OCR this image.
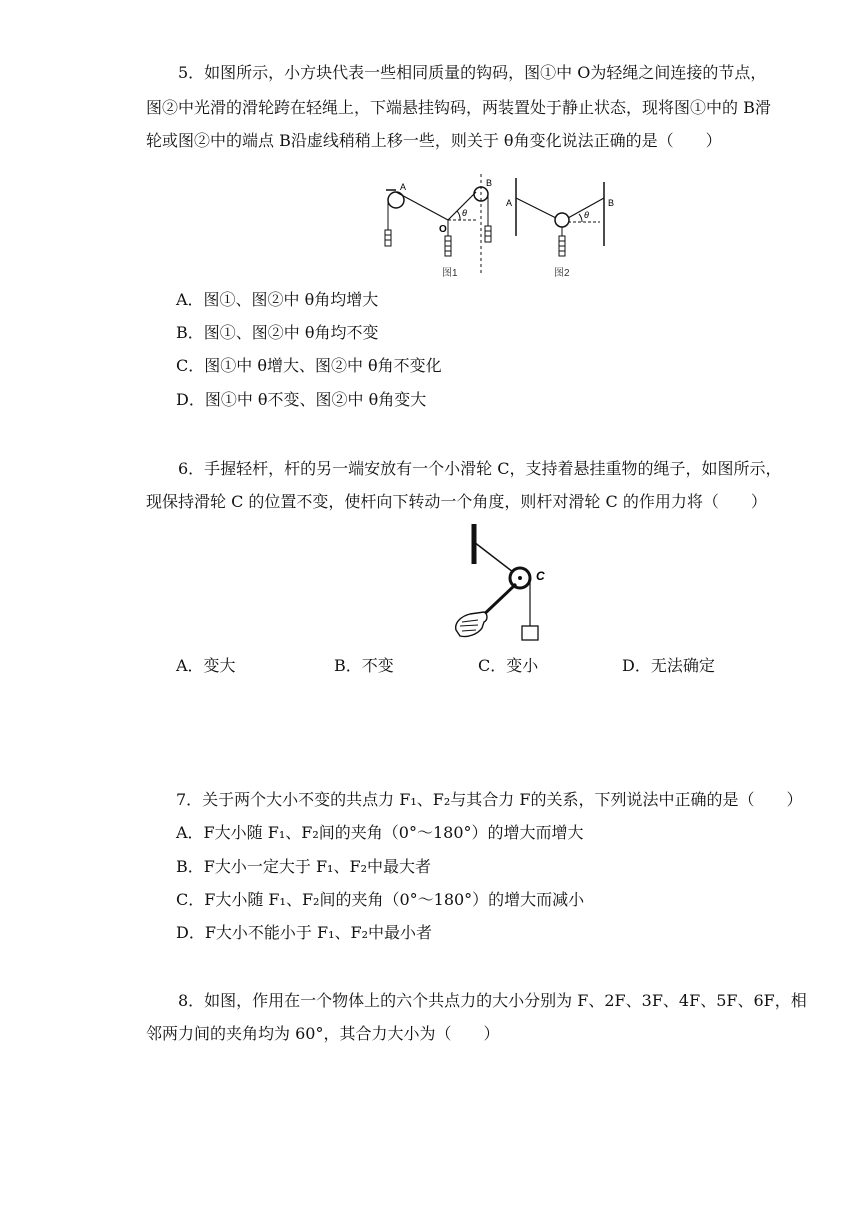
5．如图所示，小方块代表一些相同质量的钩码，图①中 O为轻绳之间连接的节点，
图②中光滑的滑轮跨在轻绳上，下端悬挂钩码，两装置处于静止状态，现将图①中的 B滑
轮或图②中的端点 B沿虚线稍稍上移一些，则关于 θ角变化说法正确的是（　　）
A
O
θ
B
图1
A	B
θ
图2
A．图①、图②中 θ角均增大
B．图①、图②中 θ角均不变
C．图①中 θ增大、图②中 θ角不变化
D．图①中 θ不变、图②中 θ角变大
6．手握轻杆，杆的另一端安放有一个小滑轮 C，支持着悬挂重物的绳子，如图所示，
现保持滑轮 C 的位置不变，使杆向下转动一个角度，则杆对滑轮 C 的作用力将（　　）
C
A．变大	B．不变	C．变小	D．无法确定
7．关于两个大小不变的共点力 F₁、F₂与其合力 F的关系，下列说法中正确的是（　　）
A．F大小随 F₁、F₂间的夹角（0°～180°）的增大而增大
B．F大小一定大于 F₁、F₂中最大者
C．F大小随 F₁、F₂间的夹角（0°～180°）的增大而减小
D．F大小不能小于 F₁、F₂中最小者
8．如图，作用在一个物体上的六个共点力的大小分别为 F、2F、3F、4F、5F、6F，相
邻两力间的夹角均为 60°，其合力大小为（　　）
